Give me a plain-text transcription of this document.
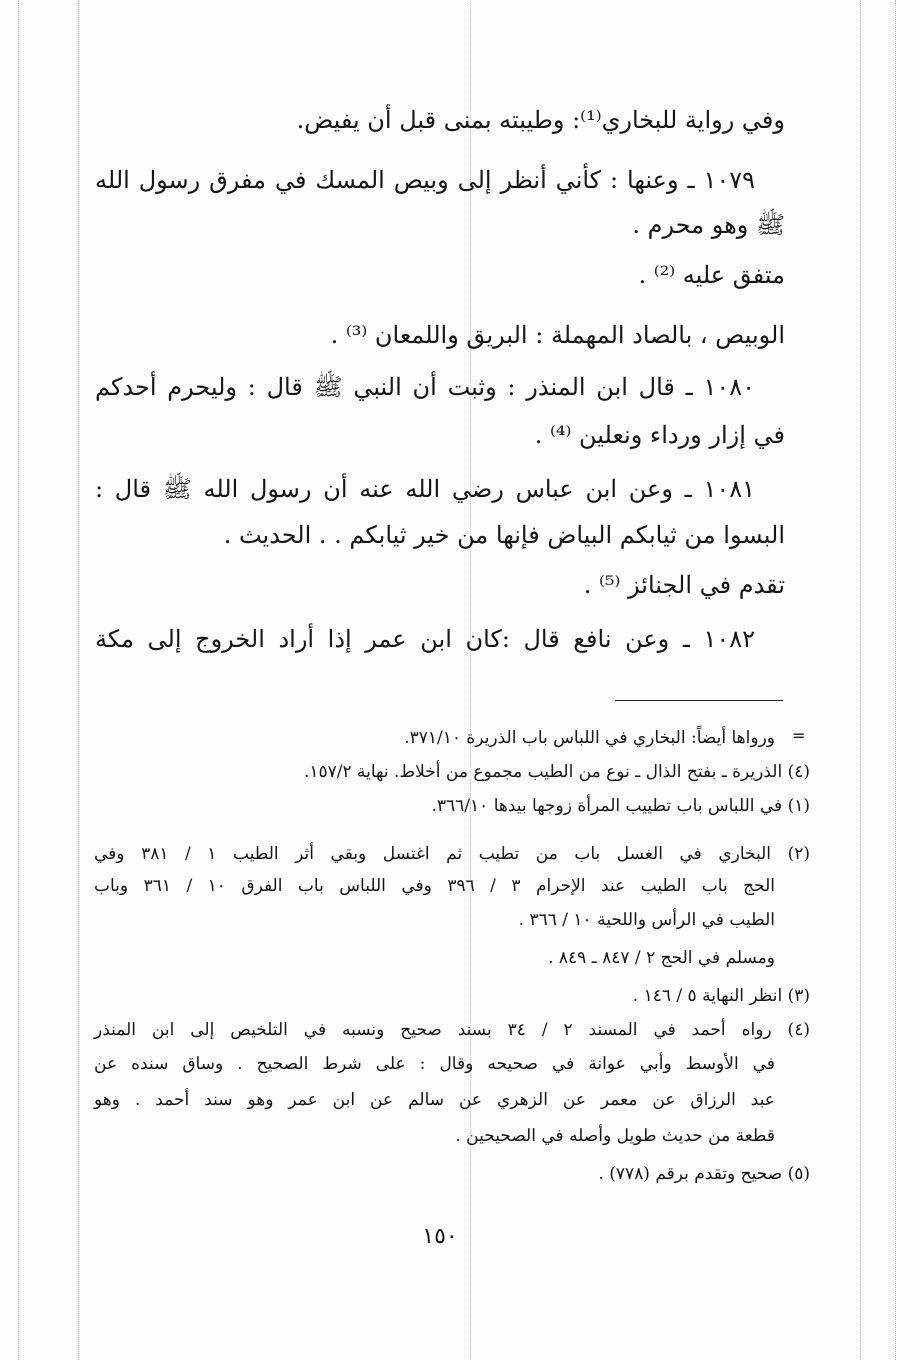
وفي رواية للبخاري⁽¹⁾: وطيبته بمنى قبل أن يفيض.
١٠٧٩ ـ وعنها : كأني أنظر إلى وبيص المسك في مفرق رسول الله
ﷺ وهو محرم .
متفق عليه ⁽²⁾ .
الوبيص ، بالصاد المهملة : البريق واللمعان ⁽³⁾ .
١٠٨٠ ـ قال ابن المنذر : وثبت أن النبي ﷺ قال : وليحرم أحدكم
في إزار ورداء ونعلين ⁽⁴⁾ .
١٠٨١ ـ وعن ابن عباس رضي الله عنه أن رسول الله ﷺ قال :
البسوا من ثيابكم البياض فإنها من خير ثيابكم . . الحديث .
تقدم في الجنائز ⁽⁵⁾ .
١٠٨٢ ـ وعن نافع قال :كان ابن عمر إذا أراد الخروج إلى مكة
=
ورواها أيضاً: البخاري في اللباس باب الذريرة ٣٧١/١٠.
(٤) الذريرة ـ بفتح الذال ـ نوع من الطيب مجموع من أخلاط. نهاية ١٥٧/٢.
(١) في اللباس باب تطييب المرأة زوجها بيدها ٣٦٦/١٠.
(٢) البخاري في الغسل باب من تطيب ثم اغتسل وبقي أثر الطيب ١ / ٣٨١ وفي
الحج باب الطيب عند الإحرام ٣ / ٣٩٦ وفي اللباس باب الفرق ١٠ / ٣٦١ وباب
الطيب في الرأس واللحية ١٠ / ٣٦٦ .
ومسلم في الحج ٢ / ٨٤٧ ـ ٨٤٩ .
(٣) انظر النهاية ٥ / ١٤٦ .
(٤) رواه أحمد في المسند ٢ / ٣٤ بسند صحيح ونسبه في التلخيص إلى ابن المنذر
في الأوسط وأبي عوانة في صحيحه وقال : على شرط الصحيح . وساق سنده عن
عبد الرزاق عن معمر عن الزهري عن سالم عن ابن عمر وهو سند أحمد . وهو
قطعة من حديث طويل وأصله في الصحيحين .
(٥) صحيح وتقدم برقم (٧٧٨) .
١٥٠
